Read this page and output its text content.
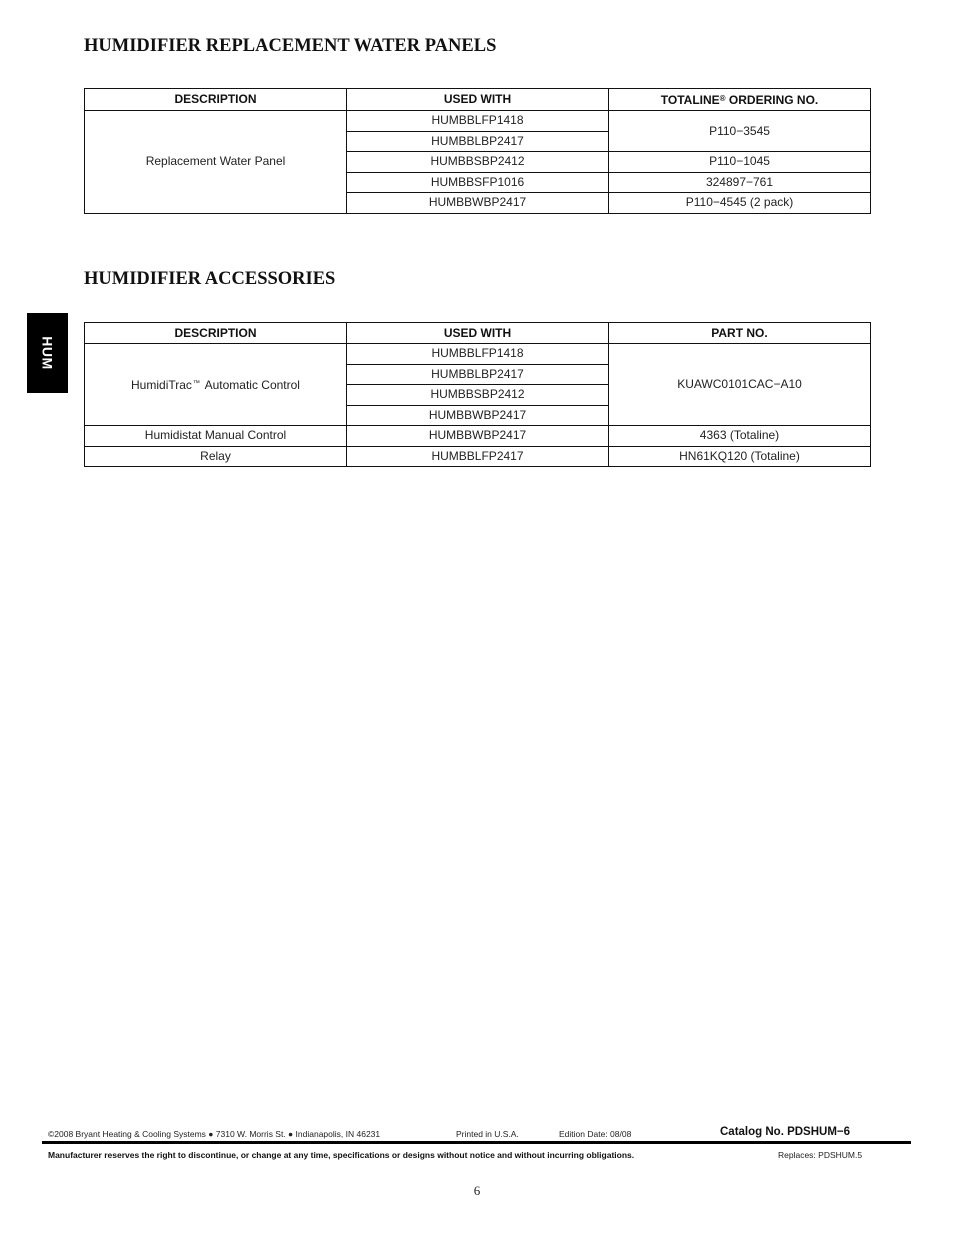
HUMIDIFIER REPLACEMENT WATER PANELS
DESCRIPTION	USED WITH	TOTALINE® ORDERING NO.
Replacement Water Panel	HUMBBLFP1418	P110−3545
	HUMBBLBP2417	
	HUMBBSBP2412	P110−1045
	HUMBBSFP1016	324897−761
	HUMBBWBP2417	P110−4545 (2 pack)
HUMIDIFIER ACCESSORIES
HUM
DESCRIPTION	USED WITH	PART NO.
HumidiTrac™ Automatic Control	HUMBBLFP1418	KUAWC0101CAC−A10
	HUMBBLBP2417	
	HUMBBSBP2412	
	HUMBBWBP2417	
Humidistat Manual Control	HUMBBWBP2417	4363 (Totaline)
Relay	HUMBBLFP2417	HN61KQ120 (Totaline)
©2008 Bryant Heating & Cooling Systems ● 7310 W. Morris St. ● Indianapolis, IN 46231	Printed in U.S.A.	Edition Date: 08/08	Catalog No. PDSHUM−6
Manufacturer reserves the right to discontinue, or change at any time, specifications or designs without notice and without incurring obligations.	Replaces: PDSHUM.5
6
